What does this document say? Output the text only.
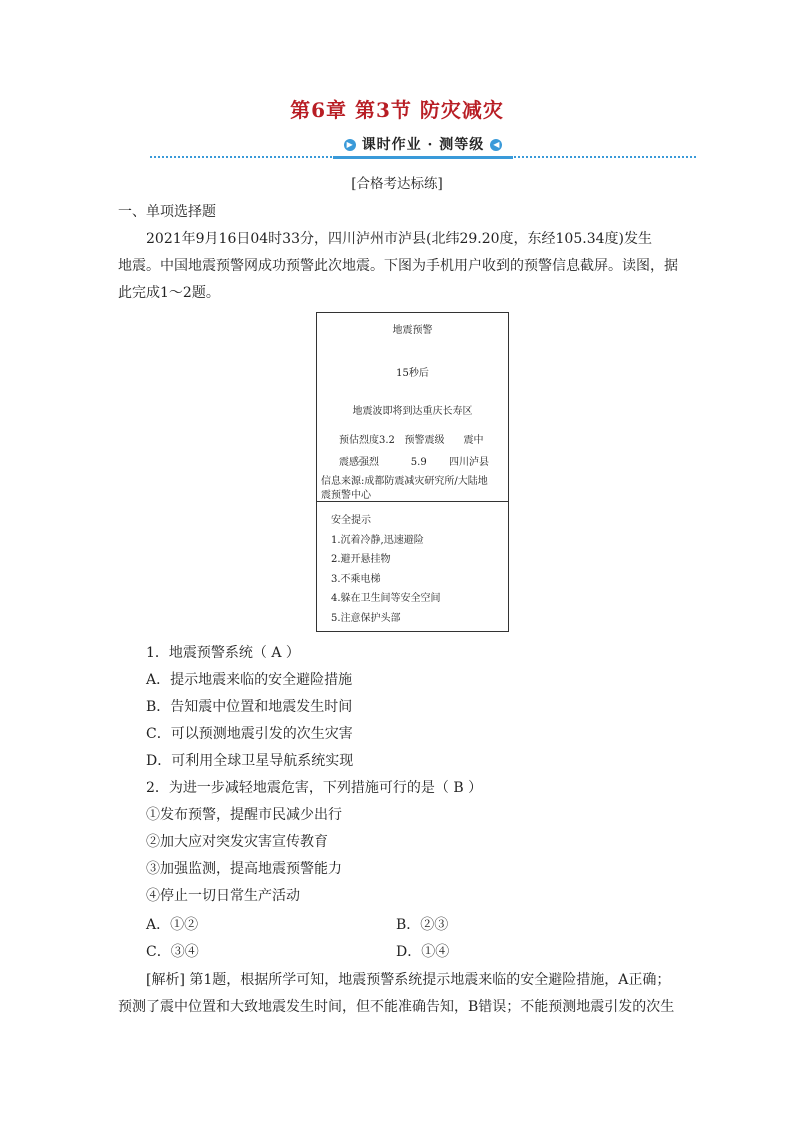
第6章 第3节 防灾减灾
▶ 课时作业 · 测等级 ◀
[合格考达标练]
一、单项选择题
2021年9月16日04时33分，四川泸州市泸县(北纬29.20度，东经105.34度)发生
地震。中国地震预警网成功预警此次地震。下图为手机用户收到的预警信息截屏。读图，据
此完成1～2题。
地震预警
15秒后
地震波即将到达重庆长寿区
预估烈度3.2   预警震级      震中
震感强烈          5.9       四川泸县
信息来源:成都防震减灾研究所/大陆地
震预警中心
安全提示
1.沉着冷静,迅速避险
2.避开悬挂物
3.不乘电梯
4.躲在卫生间等安全空间
5.注意保护头部
1．地震预警系统（ A ）
A．提示地震来临的安全避险措施
B．告知震中位置和地震发生时间
C．可以预测地震引发的次生灾害
D．可利用全球卫星导航系统实现
2．为进一步减轻地震危害，下列措施可行的是（ B ）
①发布预警，提醒市民减少出行
②加大应对突发灾害宣传教育
③加强监测，提高地震预警能力
④停止一切日常生产活动
A．①②	B．②③
C．③④	D．①④
[解析] 第1题，根据所学可知，地震预警系统提示地震来临的安全避险措施，A正确；
预测了震中位置和大致地震发生时间，但不能准确告知，B错误；不能预测地震引发的次生
